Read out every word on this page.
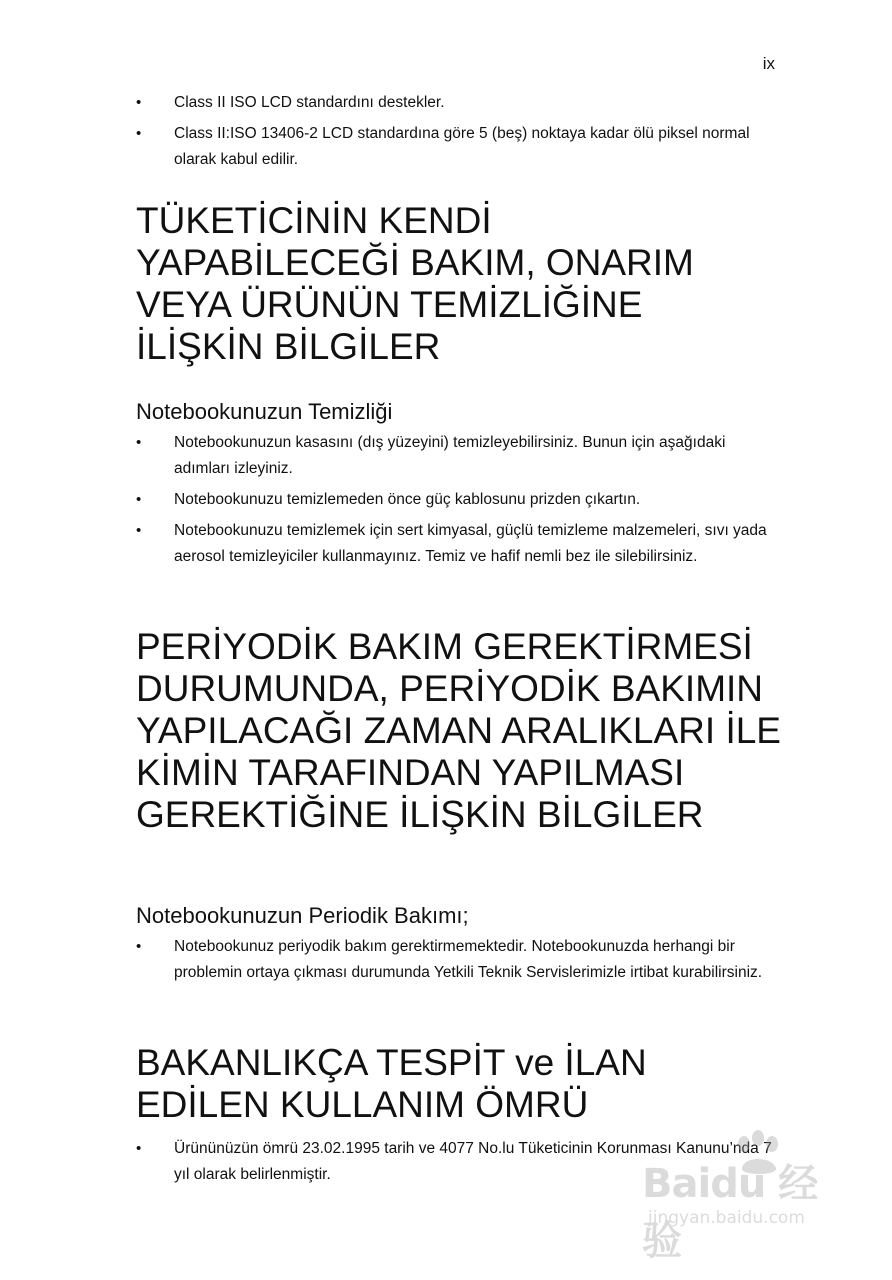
ix
• Class II ISO LCD standardını destekler.
• Class II:ISO 13406-2 LCD standardına göre 5 (beş) noktaya kadar ölü piksel normal olarak kabul edilir.
TÜKETİCİNİN KENDİ YAPABİLECEĞİ BAKIM, ONARIM VEYA ÜRÜNÜN TEMİZLİĞİNE İLİŞKİN BİLGİLER
Notebookunuzun Temizliği
• Notebookunuzun kasasını (dış yüzeyini) temizleyebilirsiniz. Bunun için aşağıdaki adımları izleyiniz.
• Notebookunuzu temizlemeden önce güç kablosunu prizden çıkartın.
• Notebookunuzu temizlemek için sert kimyasal, güçlü temizleme malzemeleri, sıvı yada aerosol temizleyiciler kullanmayınız. Temiz ve hafif nemli bez ile silebilirsiniz.
PERİYODİK BAKIM GEREKTİRMESİ DURUMUNDA, PERİYODİK BAKIMIN YAPILACAĞI ZAMAN ARALIKLARI İLE KİMİN TARAFINDAN YAPILMASI GEREKTİĞİNE İLİŞKİN BİLGİLER
Notebookunuzun Periodik Bakımı;
• Notebookunuz periyodik bakım gerektirmemektedir. Notebookunuzda herhangi bir problemin ortaya çıkması durumunda Yetkili Teknik Servislerimizle irtibat kurabilirsiniz.
BAKANLIKÇA TESPİT ve İLAN EDİLEN KULLANIM ÖMRÜ
• Ürününüzün ömrü 23.02.1995 tarih ve 4077 No.lu Tüketicinin Korunması Kanunu’nda 7 yıl olarak belirlenmiştir.	Baidu 经验
jingyan.baidu.com
